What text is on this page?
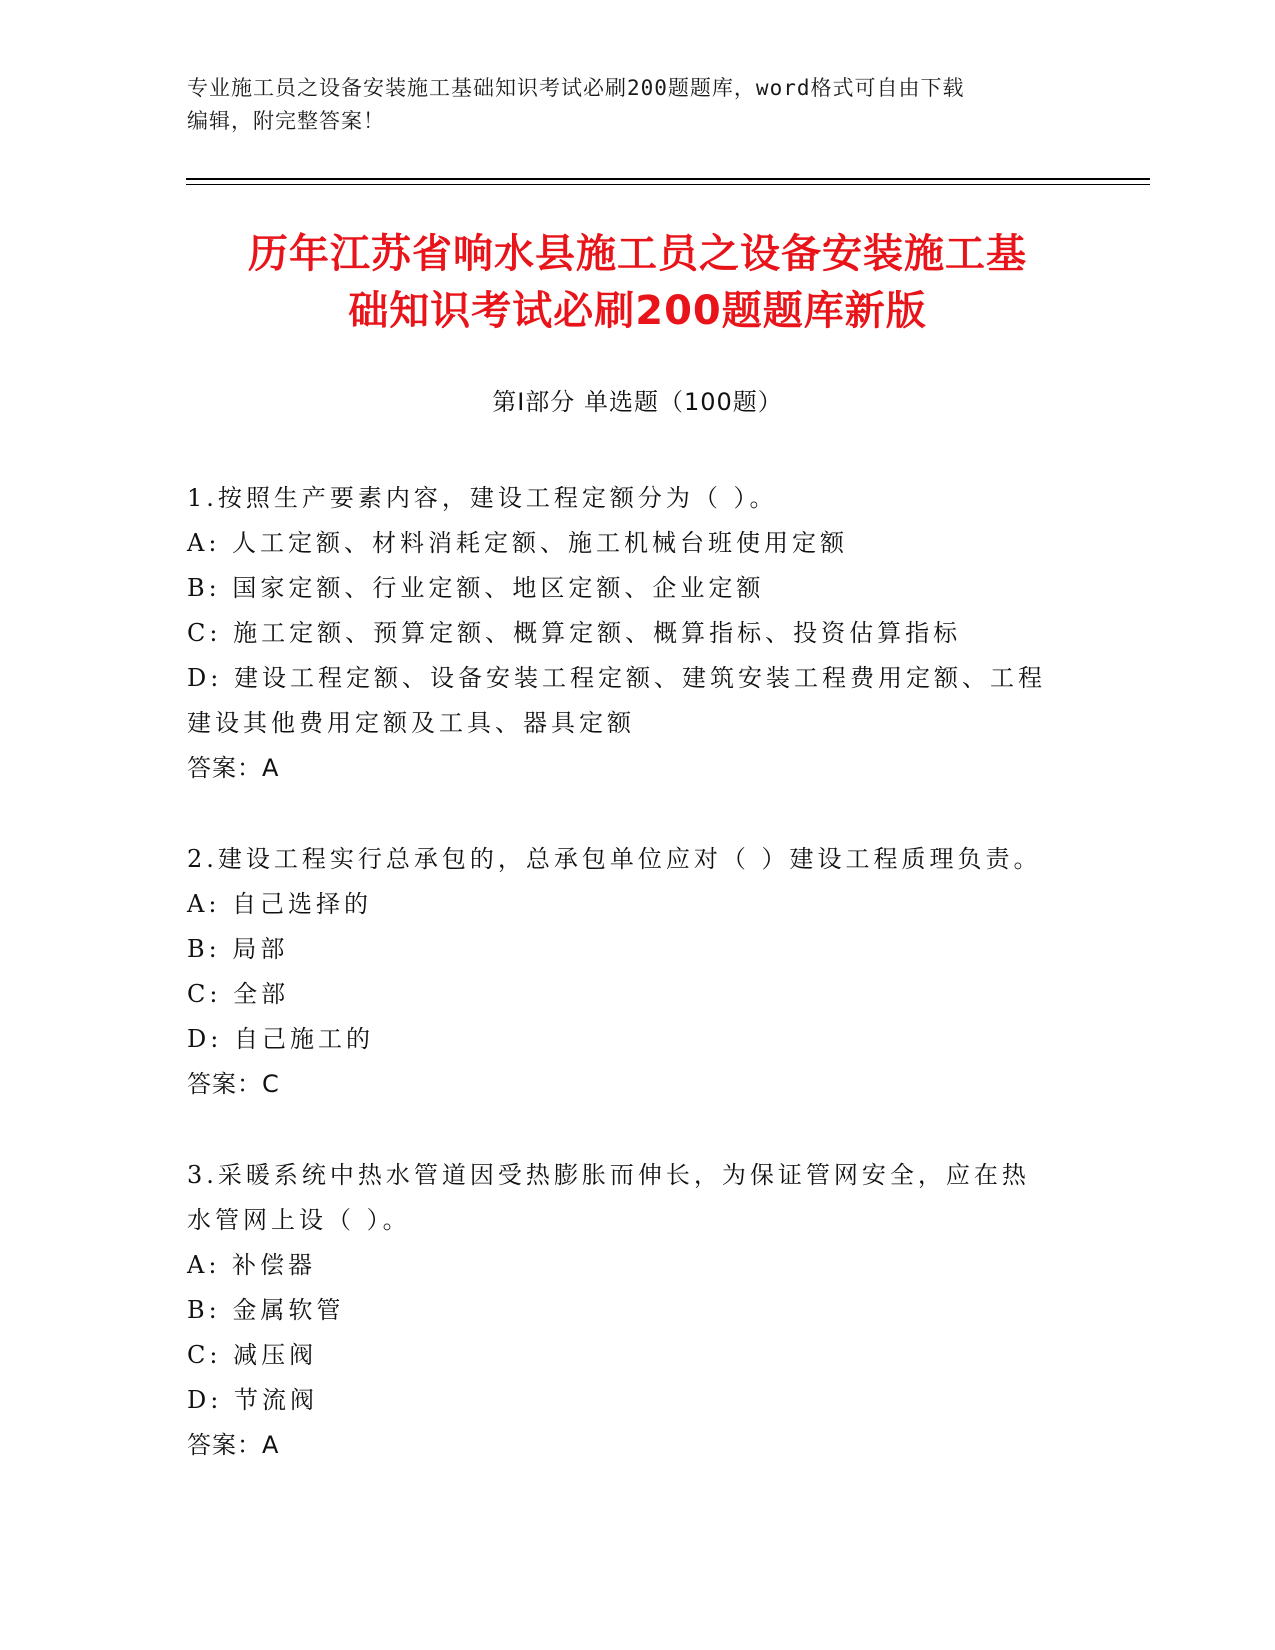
专业施工员之设备安装施工基础知识考试必刷200题题库，word格式可自由下载
编辑，附完整答案！
历年江苏省响水县施工员之设备安装施工基
础知识考试必刷200题题库新版
第Ⅰ部分 单选题（100题）

1.按照生产要素内容，建设工程定额分为（ ）。

A: 人工定额、材料消耗定额、施工机械台班使用定额

B: 国家定额、行业定额、地区定额、企业定额

C: 施工定额、预算定额、概算定额、概算指标、投资估算指标

D: 建设工程定额、设备安装工程定额、建筑安装工程费用定额、工程

建设其他费用定额及工具、器具定额

答案：A

2.建设工程实行总承包的，总承包单位应对（ ）建设工程质理负责。

A: 自己选择的

B: 局部

C: 全部

D: 自己施工的

答案：C

3.采暖系统中热水管道因受热膨胀而伸长，为保证管网安全，应在热

水管网上设（ ）。

A: 补偿器

B: 金属软管

C: 减压阀

D: 节流阀

答案：A
